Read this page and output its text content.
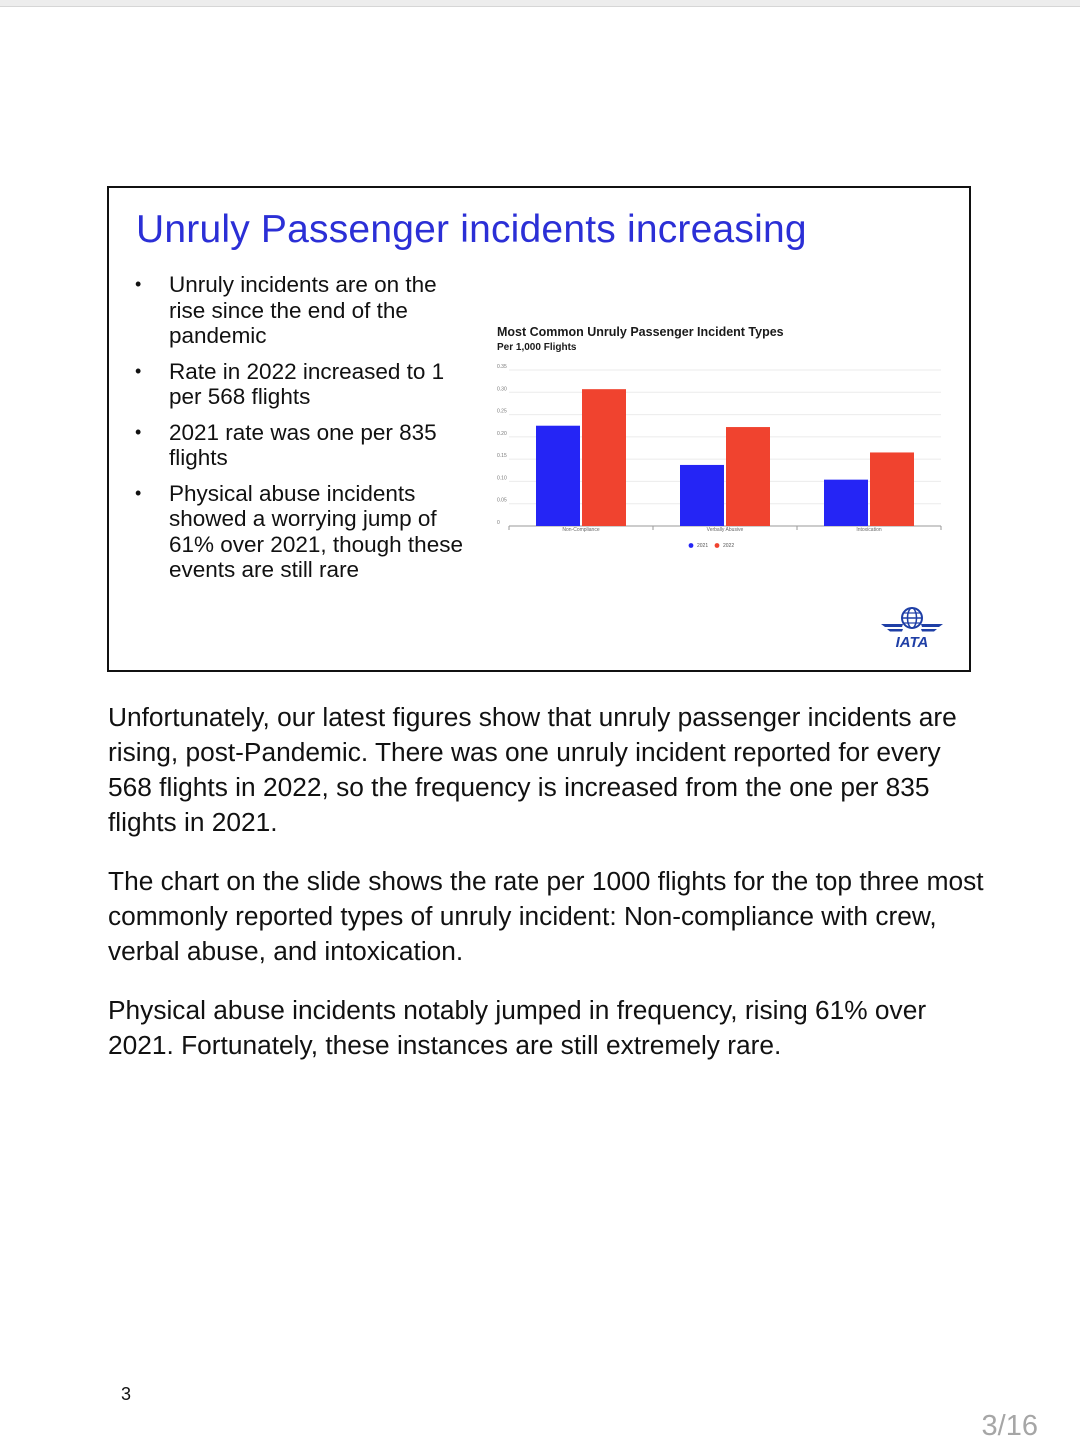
Unruly Passenger incidents increasing
• Unruly incidents are on the rise since the end of the pandemic
• Rate in 2022 increased to 1 per 568 flights
• 2021 rate was one per 835 flights
• Physical abuse incidents showed a worrying jump of 61% over 2021, though these events are still rare
Most Common Unruly Passenger Incident Types
Per 1,000 Flights
0
0.05
0.10
0.15
0.20
0.25
0.30
0.35
Non-Compliance	Verbally Abusive	Intoxication
2021	2022
IATA

Unfortunately, our latest figures show that unruly passenger incidents are rising, post-Pandemic. There was one unruly incident reported for every 568 flights in 2022, so the frequency is increased from the one per 835 flights in 2021.

The chart on the slide shows the rate per 1000 flights for the top three most commonly reported types of unruly incident: Non-compliance with crew, verbal abuse, and intoxication.

Physical abuse incidents notably jumped in frequency, rising 61% over 2021. Fortunately, these instances are still extremely rare.

3
3/16
